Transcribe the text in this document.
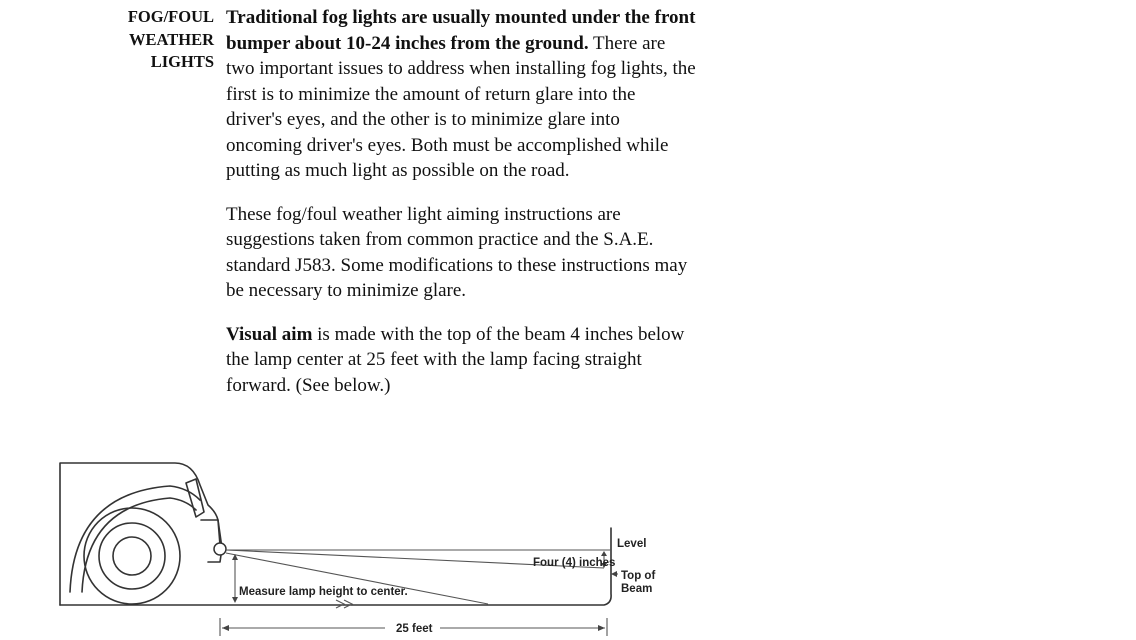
FOG/FOUL
WEATHER
LIGHTS

Traditional fog lights are usually mounted under the front bumper about 10-24 inches from the ground. There are two important issues to address when installing fog lights, the first is to minimize the amount of return glare into the driver's eyes, and the other is to minimize glare into oncoming driver's eyes. Both must be accomplished while putting as much light as possible on the road.

These fog/foul weather light aiming instructions are suggestions taken from common practice and the S.A.E. standard J583. Some modifications to these instructions may be necessary to minimize glare.

Visual aim is made with the top of the beam 4 inches below the lamp center at 25 feet with the lamp facing straight forward. (See below.)

Level
Four (4) inches
Top of
Beam
Measure lamp height to center.
25 feet
